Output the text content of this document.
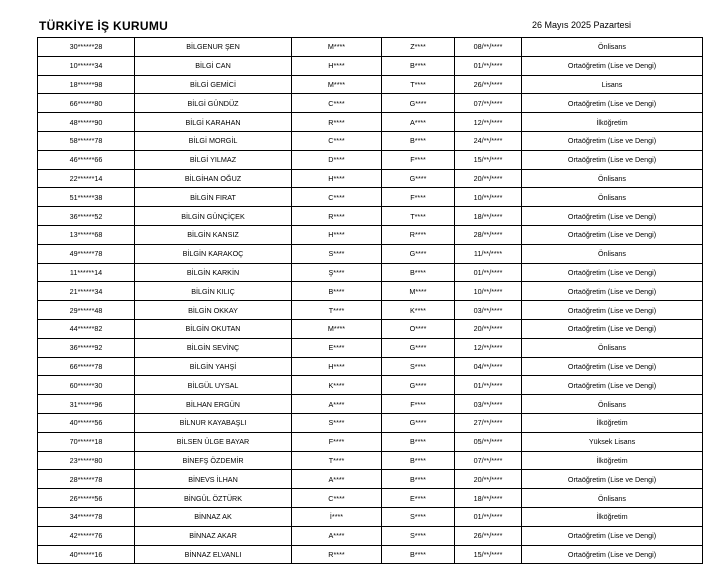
TÜRKİYE İŞ KURUMU	26 Mayıs 2025 Pazartesi
30******28	BİLGENUR ŞEN	M****	Z****	08/**/****	Önlisans
10******34	BİLGİ CAN	H****	B****	01/**/****	Ortaöğretim (Lise ve Dengi)
18******98	BİLGİ GEMİCİ	M****	T****	26/**/****	Lisans
66******80	BİLGİ GÜNDÜZ	C****	G****	07/**/****	Ortaöğretim (Lise ve Dengi)
48******90	BİLGİ KARAHAN	R****	A****	12/**/****	İlköğretim
58******78	BİLGİ MORGİL	C****	B****	24/**/****	Ortaöğretim (Lise ve Dengi)
46******66	BİLGİ YILMAZ	D****	F****	15/**/****	Ortaöğretim (Lise ve Dengi)
22******14	BİLGİHAN OĞUZ	H****	G****	20/**/****	Önlisans
51******38	BİLGİN FIRAT	C****	F****	10/**/****	Önlisans
36******52	BİLGİN GÜNÇİÇEK	R****	T****	18/**/****	Ortaöğretim (Lise ve Dengi)
13******68	BİLGİN KANSIZ	H****	R****	28/**/****	Ortaöğretim (Lise ve Dengi)
49******78	BİLGİN KARAKOÇ	S****	G****	11/**/****	Önlisans
11******14	BİLGİN KARKİN	Ş****	B****	01/**/****	Ortaöğretim (Lise ve Dengi)
21******34	BİLGİN KILIÇ	B****	M****	10/**/****	Ortaöğretim (Lise ve Dengi)
29******48	BİLGİN OKKAY	T****	K****	03/**/****	Ortaöğretim (Lise ve Dengi)
44******82	BİLGİN OKUTAN	M****	O****	20/**/****	Ortaöğretim (Lise ve Dengi)
36******92	BİLGİN SEVİNÇ	E****	G****	12/**/****	Önlisans
66******78	BİLGİN YAHŞİ	H****	S****	04/**/****	Ortaöğretim (Lise ve Dengi)
60******30	BİLGÜL UYSAL	K****	G****	01/**/****	Ortaöğretim (Lise ve Dengi)
31******96	BİLHAN ERGÜN	A****	F****	03/**/****	Önlisans
40******56	BİLNUR KAYABAŞLI	S****	G****	27/**/****	İlköğretim
70******18	BİLSEN ÜLGE BAYAR	F****	B****	05/**/****	Yüksek Lisans
23******80	BİNEFŞ ÖZDEMİR	T****	B****	07/**/****	İlköğretim
28******78	BİNEVS İLHAN	A****	B****	20/**/****	Ortaöğretim (Lise ve Dengi)
26******56	BİNGÜL ÖZTÜRK	C****	E****	18/**/****	Önlisans
34******78	BİNNAZ AK	İ****	S****	01/**/****	İlköğretim
42******76	BİNNAZ AKAR	A****	S****	26/**/****	Ortaöğretim (Lise ve Dengi)
40******16	BİNNAZ ELVANLI	R****	B****	15/**/****	Ortaöğretim (Lise ve Dengi)
